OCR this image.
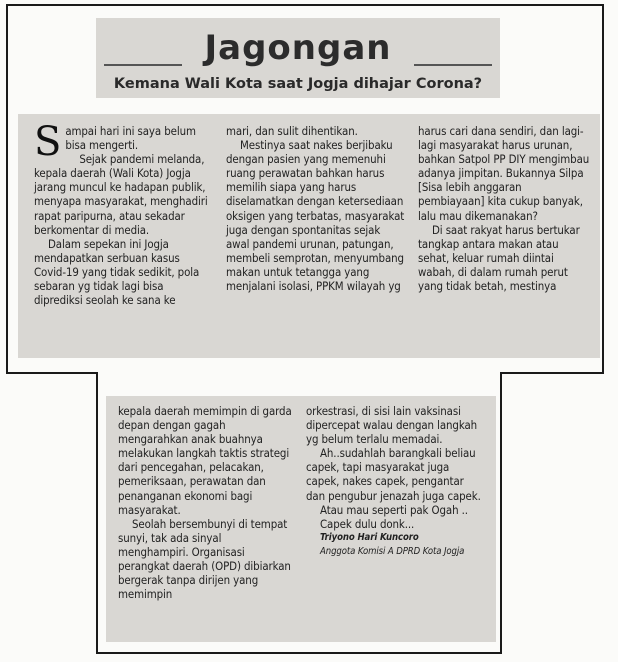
Jagongan
Kemana Wali Kota saat Jogja dihajar Corona?

Sampai hari ini saya belum bisa mengerti.

Sejak pandemi melanda, kepala daerah (Wali Kota) Jogja jarang muncul ke hadapan publik, menyapa masyarakat, menghadiri rapat paripurna, atau sekadar berkomentar di media.

Dalam sepekan ini Jogja mendapatkan serbuan kasus Covid-19 yang tidak sedikit, pola sebaran yg tidak lagi bisa diprediksi seolah ke sana ke

mari, dan sulit dihentikan.

Mestinya saat nakes berjibaku dengan pasien yang memenuhi ruang perawatan bahkan harus memilih siapa yang harus diselamatkan dengan ketersediaan oksigen yang terbatas, masyarakat juga dengan spontanitas sejak awal pandemi urunan, patungan, membeli semprotan, menyumbang makan untuk tetangga yang menjalani isolasi, PPKM wilayah yg

harus cari dana sendiri, dan lagi-lagi masyarakat harus urunan, bahkan Satpol PP DIY mengimbau adanya jimpitan. Bukannya Silpa [Sisa lebih anggaran pembiayaan] kita cukup banyak, lalu mau dikemanakan?

Di saat rakyat harus bertukar tangkap antara makan atau sehat, keluar rumah diintai wabah, di dalam rumah perut yang tidak betah, mestinya

kepala daerah memimpin di garda depan dengan gagah mengarahkan anak buahnya melakukan langkah taktis strategi dari pencegahan, pelacakan, pemeriksaan, perawatan dan penanganan ekonomi bagi masyarakat.

Seolah bersembunyi di tempat sunyi, tak ada sinyal menghampiri. Organisasi perangkat daerah (OPD) dibiarkan bergerak tanpa dirijen yang memimpin

orkestrasi, di sisi lain vaksinasi dipercepat walau dengan langkah yg belum terlalu memadai.

Ah..sudahlah barangkali beliau capek, tapi masyarakat juga capek, nakes capek, pengantar dan pengubur jenazah juga capek.

Atau mau seperti pak Ogah ..

Capek dulu donk...

Triyono Hari Kuncoro

Anggota Komisi A DPRD Kota Jogja
